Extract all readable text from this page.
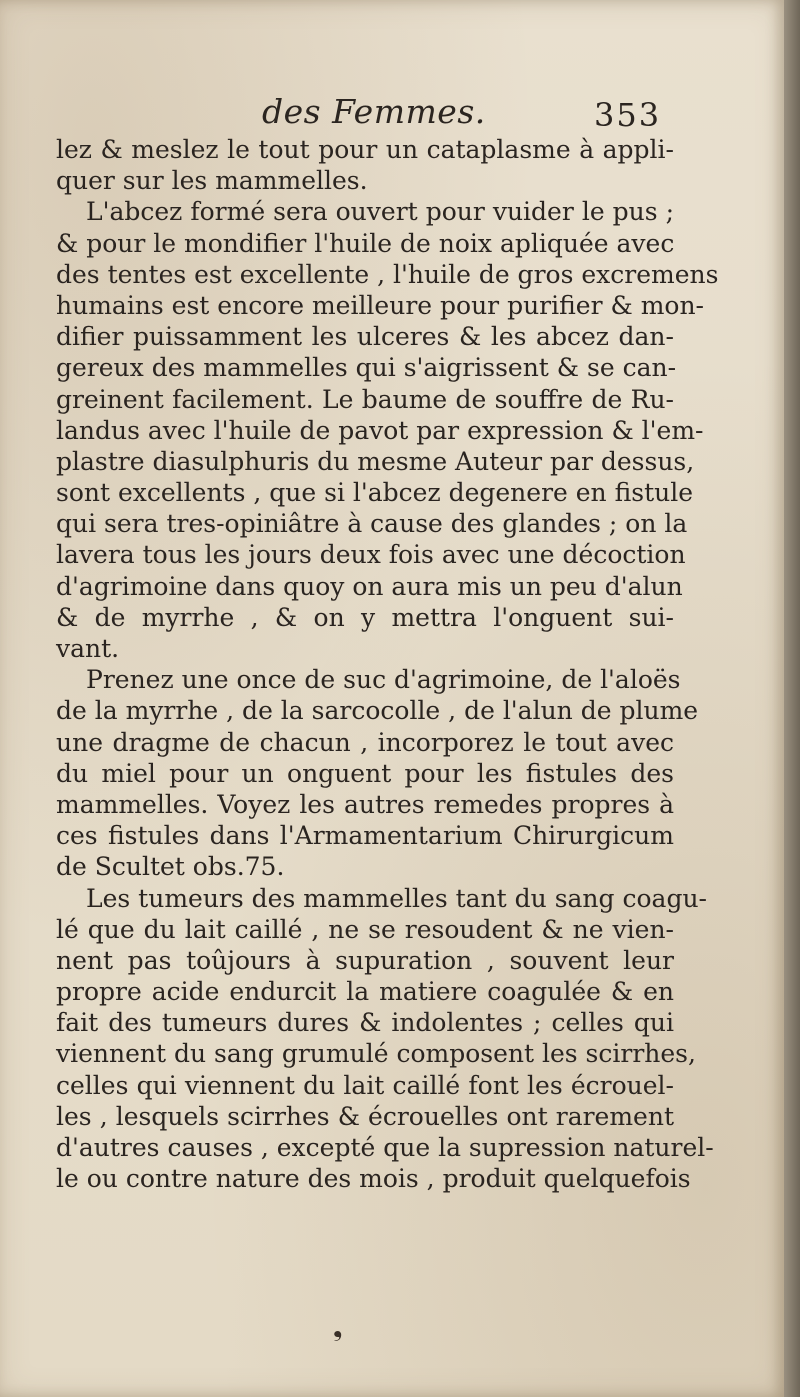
des Femmes.	353
lez & meslez le tout pour un cataplasme à appli-
quer sur les mammelles.
L'abcez formé sera ouvert pour vuider le pus ;
& pour le mondifier l'huile de noix apliquée avec
des tentes est excellente , l'huile de gros excremens
humains est encore meilleure pour purifier & mon-
difier puissamment les ulceres & les abcez dan-
gereux des mammelles qui s'aigrissent & se can-
greinent facilement. Le baume de souffre de Ru-
landus avec l'huile de pavot par expression & l'em-
plastre diasulphuris du mesme Auteur par dessus,
sont excellents , que si l'abcez degenere en fistule
qui sera tres-opiniâtre à cause des glandes ; on la
lavera tous les jours deux fois avec une décoction
d'agrimoine dans quoy on aura mis un peu d'alun
& de myrrhe , & on y mettra l'onguent sui-
vant.
Prenez une once de suc d'agrimoine, de l'aloës
de la myrrhe , de la sarcocolle , de l'alun de plume
une dragme de chacun , incorporez le tout avec
du miel pour un onguent pour les fistules des
mammelles. Voyez les autres remedes propres à
ces fistules dans l'Armamentarium Chirurgicum
de Scultet obs.75.
Les tumeurs des mammelles tant du sang coagu-
lé que du lait caillé , ne se resoudent & ne vien-
nent pas toûjours à supuration , souvent leur
propre acide endurcit la matiere coagulée & en
fait des tumeurs dures & indolentes ; celles qui
viennent du sang grumulé composent les scirrhes,
celles qui viennent du lait caillé font les écrouel-
les , lesquels scirrhes & écrouelles ont rarement
d'autres causes , excepté que la supression naturel-
le ou contre nature des mois , produit quelquefois
❟
